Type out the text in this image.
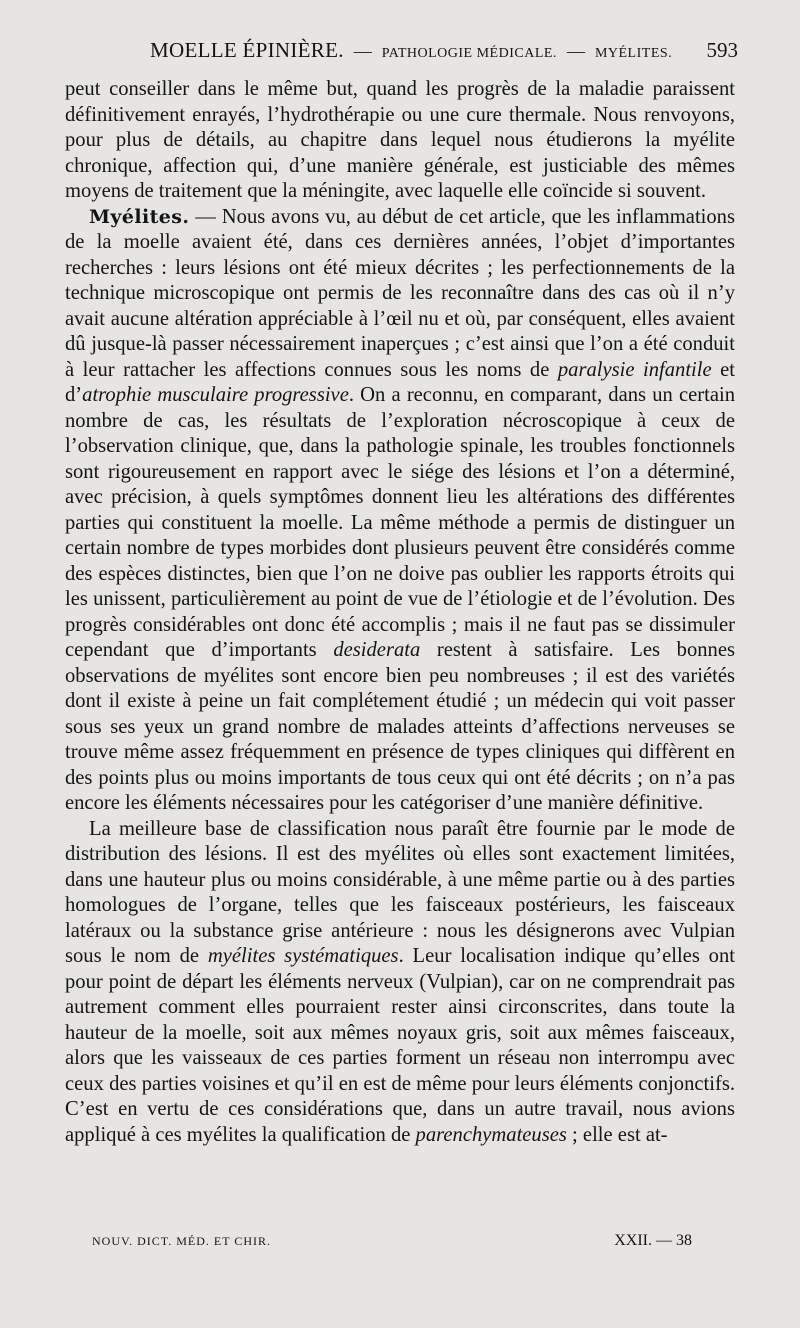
MOELLE ÉPINIÈRE. — PATHOLOGIE MÉDICALE. — MYÉLITES. 593

peut conseiller dans le même but, quand les progrès de la maladie paraissent définitivement enrayés, l’hydrothérapie ou une cure thermale. Nous renvoyons, pour plus de détails, au chapitre dans lequel nous étudierons la myélite chronique, affection qui, d’une manière générale, est justiciable des mêmes moyens de traitement que la méningite, avec laquelle elle coïncide si souvent.

Myélites. — Nous avons vu, au début de cet article, que les inflammations de la moelle avaient été, dans ces dernières années, l’objet d’importantes recherches : leurs lésions ont été mieux décrites ; les perfectionnements de la technique microscopique ont permis de les reconnaître dans des cas où il n’y avait aucune altération appréciable à l’œil nu et où, par conséquent, elles avaient dû jusque-là passer nécessairement inaperçues ; c’est ainsi que l’on a été conduit à leur rattacher les affections connues sous les noms de paralysie infantile et d’atrophie musculaire progressive. On a reconnu, en comparant, dans un certain nombre de cas, les résultats de l’exploration nécroscopique à ceux de l’observation clinique, que, dans la pathologie spinale, les troubles fonctionnels sont rigoureusement en rapport avec le siége des lésions et l’on a déterminé, avec précision, à quels symptômes donnent lieu les altérations des différentes parties qui constituent la moelle. La même méthode a permis de distinguer un certain nombre de types morbides dont plusieurs peuvent être considérés comme des espèces distinctes, bien que l’on ne doive pas oublier les rapports étroits qui les unissent, particulièrement au point de vue de l’étiologie et de l’évolution. Des progrès considérables ont donc été accomplis ; mais il ne faut pas se dissimuler cependant que d’importants desiderata restent à satisfaire. Les bonnes observations de myélites sont encore bien peu nombreuses ; il est des variétés dont il existe à peine un fait complétement étudié ; un médecin qui voit passer sous ses yeux un grand nombre de malades atteints d’affections nerveuses se trouve même assez fréquemment en présence de types cliniques qui diffèrent en des points plus ou moins importants de tous ceux qui ont été décrits ; on n’a pas encore les éléments nécessaires pour les catégoriser d’une manière définitive.

La meilleure base de classification nous paraît être fournie par le mode de distribution des lésions. Il est des myélites où elles sont exactement limitées, dans une hauteur plus ou moins considérable, à une même partie ou à des parties homologues de l’organe, telles que les faisceaux postérieurs, les faisceaux latéraux ou la substance grise antérieure : nous les désignerons avec Vulpian sous le nom de myélites systématiques. Leur localisation indique qu’elles ont pour point de départ les éléments nerveux (Vulpian), car on ne comprendrait pas autrement comment elles pourraient rester ainsi circonscrites, dans toute la hauteur de la moelle, soit aux mêmes noyaux gris, soit aux mêmes faisceaux, alors que les vaisseaux de ces parties forment un réseau non interrompu avec ceux des parties voisines et qu’il en est de même pour leurs éléments conjonctifs. C’est en vertu de ces considérations que, dans un autre travail, nous avions appliqué à ces myélites la qualification de parenchymateuses ; elle est at-

NOUV. DICT. MÉD. ET CHIR.	XXII. — 38
